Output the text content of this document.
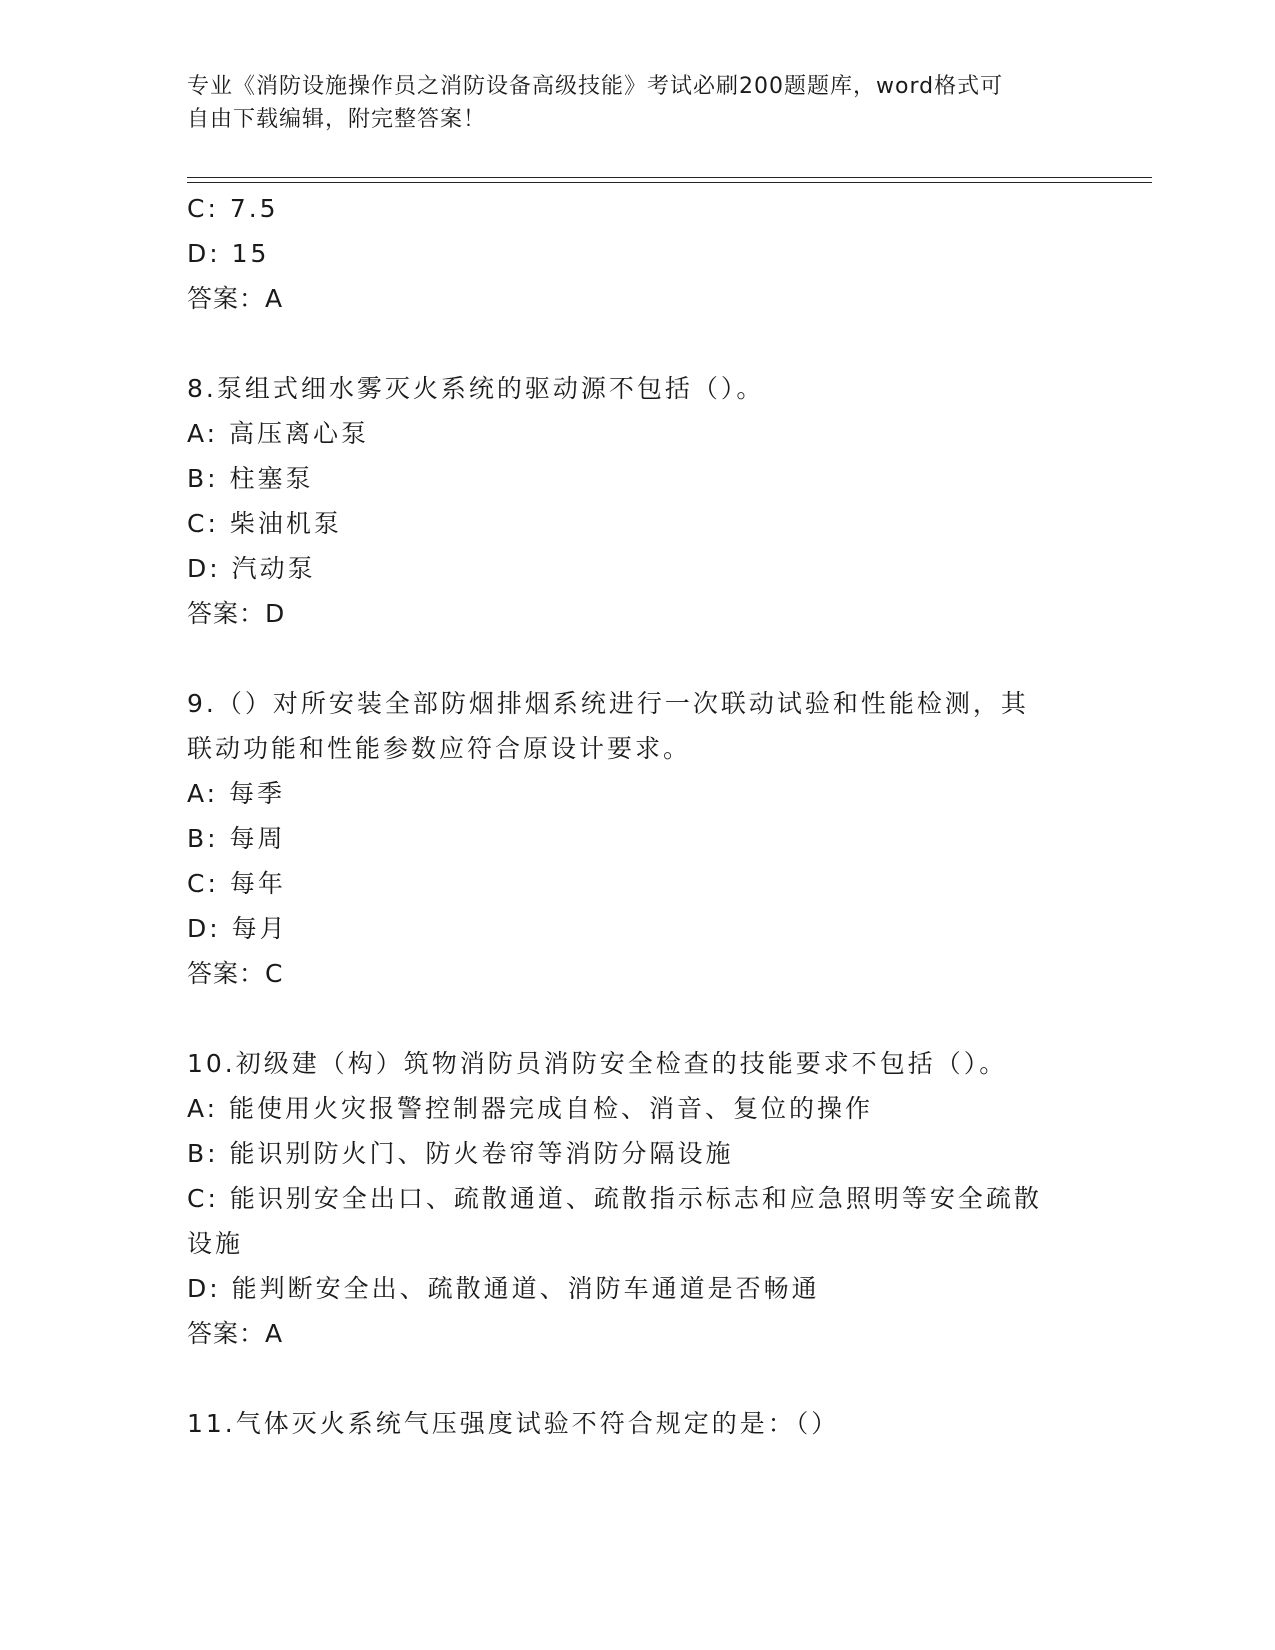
专业《消防设施操作员之消防设备高级技能》考试必刷200题题库，word格式可
自由下载编辑，附完整答案！
C: 7.5
D: 15
答案：A
8.泵组式细水雾灭火系统的驱动源不包括（）。
A: 高压离心泵
B: 柱塞泵
C: 柴油机泵
D: 汽动泵
答案：D
9.（）对所安装全部防烟排烟系统进行一次联动试验和性能检测，其
联动功能和性能参数应符合原设计要求。
A: 每季
B: 每周
C: 每年
D: 每月
答案：C
10.初级建（构）筑物消防员消防安全检查的技能要求不包括（）。
A: 能使用火灾报警控制器完成自检、消音、复位的操作
B: 能识别防火门、防火卷帘等消防分隔设施
C: 能识别安全出口、疏散通道、疏散指示标志和应急照明等安全疏散
设施
D: 能判断安全出、疏散通道、消防车通道是否畅通
答案：A
11.气体灭火系统气压强度试验不符合规定的是：（）
